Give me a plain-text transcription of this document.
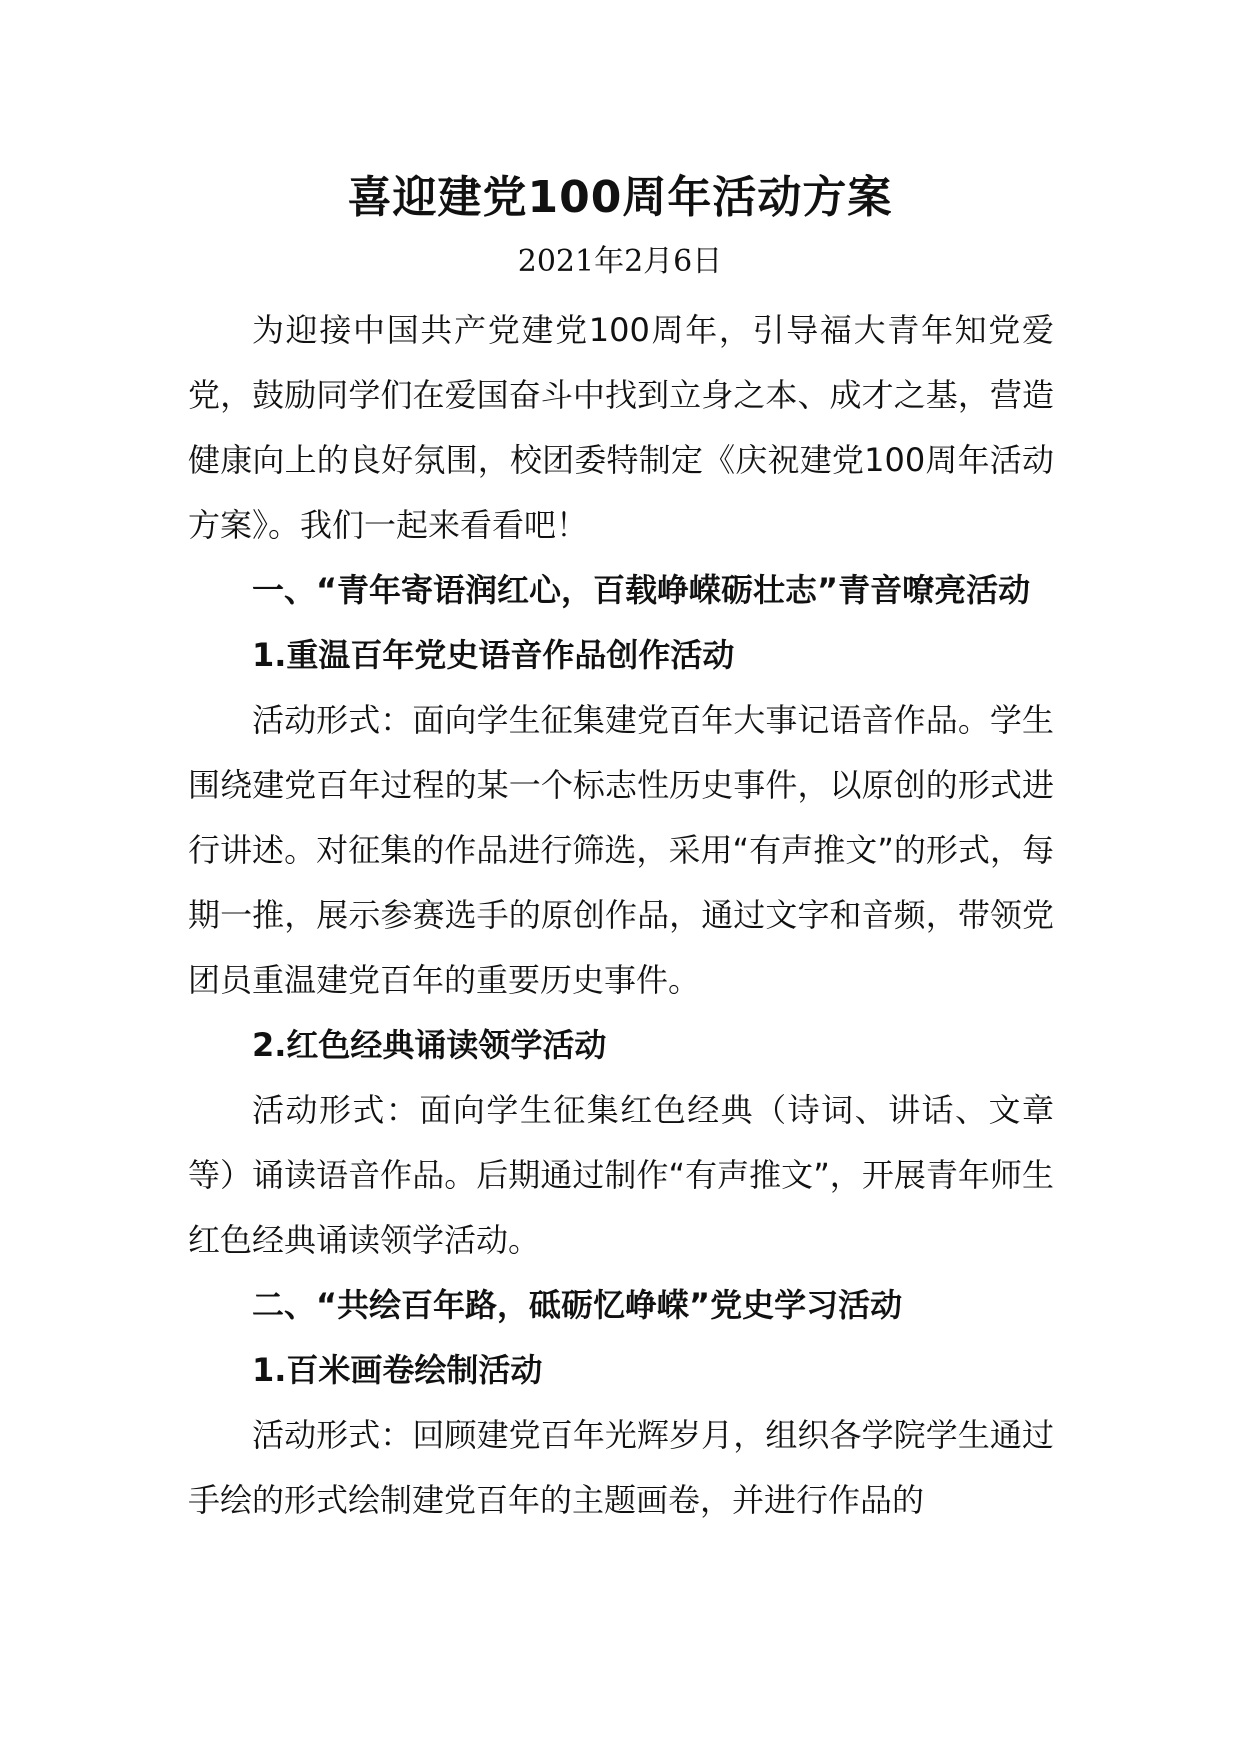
喜迎建党100周年活动方案
2021年2月6日

为迎接中国共产党建党100周年，引导福大青年知党爱党，鼓励同学们在爱国奋斗中找到立身之本、成才之基，营造健康向上的良好氛围，校团委特制定《庆祝建党100周年活动方案》。我们一起来看看吧！

一、“青年寄语润红心，百载峥嵘砺壮志”青音嘹亮活动

1.重温百年党史语音作品创作活动

活动形式：面向学生征集建党百年大事记语音作品。学生围绕建党百年过程的某一个标志性历史事件，以原创的形式进行讲述。对征集的作品进行筛选，采用“有声推文”的形式，每期一推，展示参赛选手的原创作品，通过文字和音频，带领党团员重温建党百年的重要历史事件。

2.红色经典诵读领学活动

活动形式：面向学生征集红色经典（诗词、讲话、文章等）诵读语音作品。后期通过制作“有声推文”，开展青年师生红色经典诵读领学活动。

二、“共绘百年路，砥砺忆峥嵘”党史学习活动

1.百米画卷绘制活动

活动形式：回顾建党百年光辉岁月，组织各学院学生通过手绘的形式绘制建党百年的主题画卷，并进行作品的
